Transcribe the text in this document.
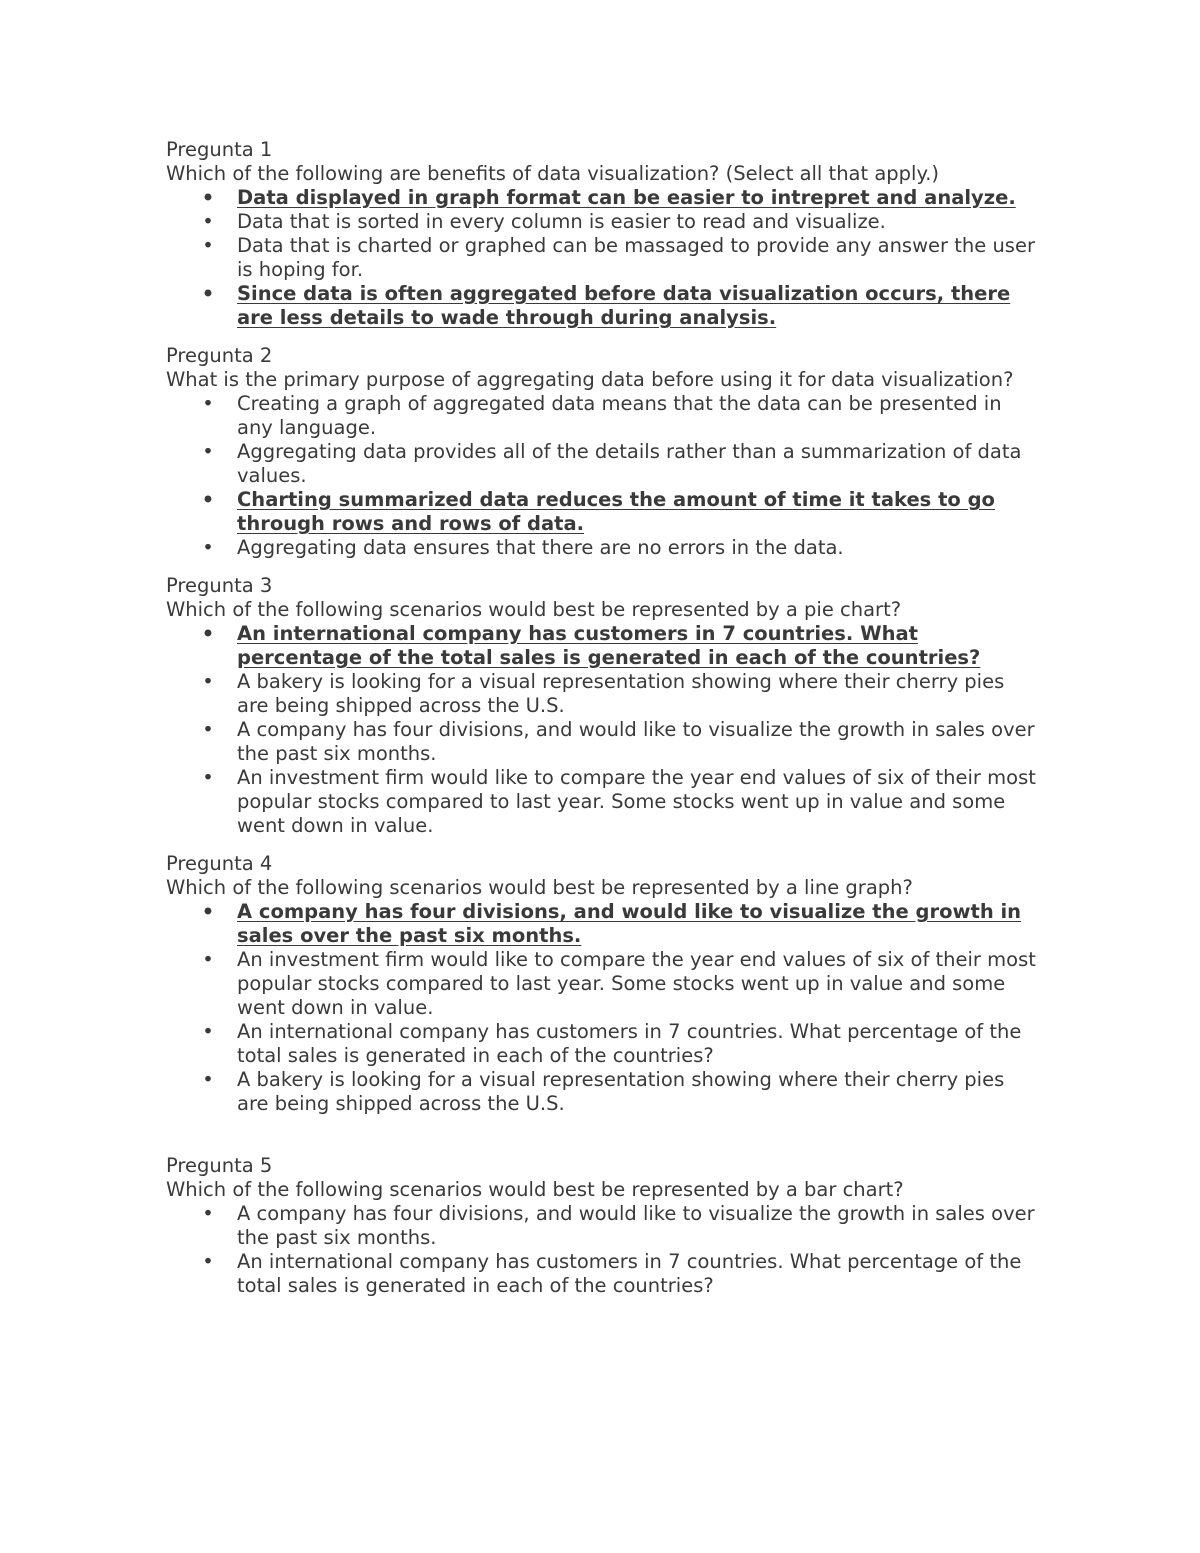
Pregunta 1
Which of the following are benefits of data visualization? (Select all that apply.)
• Data displayed in graph format can be easier to intrepret and analyze.
• Data that is sorted in every column is easier to read and visualize.
• Data that is charted or graphed can be massaged to provide any answer the user is hoping for.
• Since data is often aggregated before data visualization occurs, there are less details to wade through during analysis.
Pregunta 2
What is the primary purpose of aggregating data before using it for data visualization?
• Creating a graph of aggregated data means that the data can be presented in any language.
• Aggregating data provides all of the details rather than a summarization of data values.
• Charting summarized data reduces the amount of time it takes to go through rows and rows of data.
• Aggregating data ensures that there are no errors in the data.
Pregunta 3
Which of the following scenarios would best be represented by a pie chart?
• An international company has customers in 7 countries. What percentage of the total sales is generated in each of the countries?
• A bakery is looking for a visual representation showing where their cherry pies are being shipped across the U.S.
• A company has four divisions, and would like to visualize the growth in sales over the past six months.
• An investment firm would like to compare the year end values of six of their most popular stocks compared to last year. Some stocks went up in value and some went down in value.
Pregunta 4
Which of the following scenarios would best be represented by a line graph?
• A company has four divisions, and would like to visualize the growth in sales over the past six months.
• An investment firm would like to compare the year end values of six of their most popular stocks compared to last year. Some stocks went up in value and some went down in value.
• An international company has customers in 7 countries. What percentage of the total sales is generated in each of the countries?
• A bakery is looking for a visual representation showing where their cherry pies are being shipped across the U.S.
Pregunta 5
Which of the following scenarios would best be represented by a bar chart?
• A company has four divisions, and would like to visualize the growth in sales over the past six months.
• An international company has customers in 7 countries. What percentage of the total sales is generated in each of the countries?
